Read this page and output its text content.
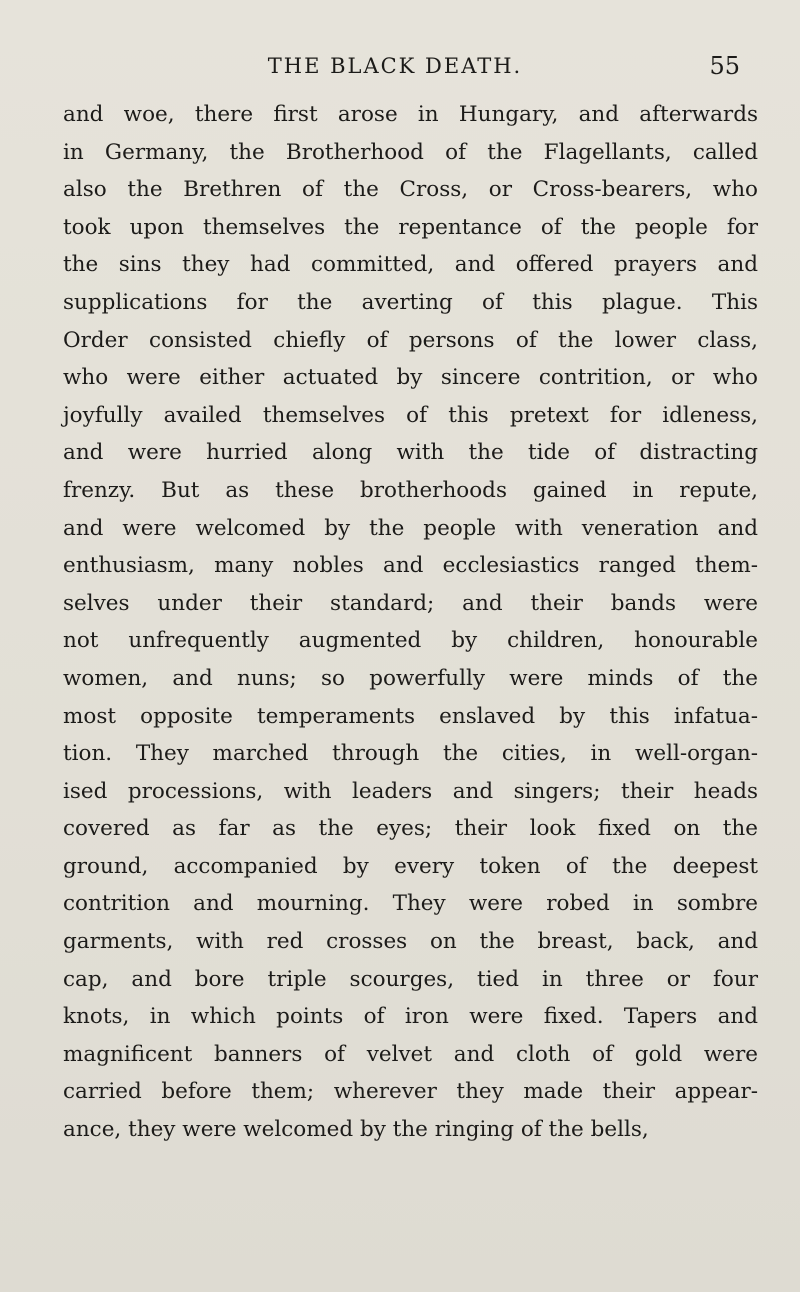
THE BLACK DEATH.	55
and woe, there first arose in Hungary, and afterwards
in Germany, the Brotherhood of the Flagellants, called
also the Brethren of the Cross, or Cross-bearers, who
took upon themselves the repentance of the people for
the sins they had committed, and offered prayers and
supplications for the averting of this plague. This
Order consisted chiefly of persons of the lower class,
who were either actuated by sincere contrition, or who
joyfully availed themselves of this pretext for idleness,
and were hurried along with the tide of distracting
frenzy. But as these brotherhoods gained in repute,
and were welcomed by the people with veneration and
enthusiasm, many nobles and ecclesiastics ranged them-
selves under their standard; and their bands were
not unfrequently augmented by children, honourable
women, and nuns; so powerfully were minds of the
most opposite temperaments enslaved by this infatua-
tion. They marched through the cities, in well-organ-
ised processions, with leaders and singers; their heads
covered as far as the eyes; their look fixed on the
ground, accompanied by every token of the deepest
contrition and mourning. They were robed in sombre
garments, with red crosses on the breast, back, and
cap, and bore triple scourges, tied in three or four
knots, in which points of iron were fixed. Tapers and
magnificent banners of velvet and cloth of gold were
carried before them; wherever they made their appear-
ance, they were welcomed by the ringing of the bells,
